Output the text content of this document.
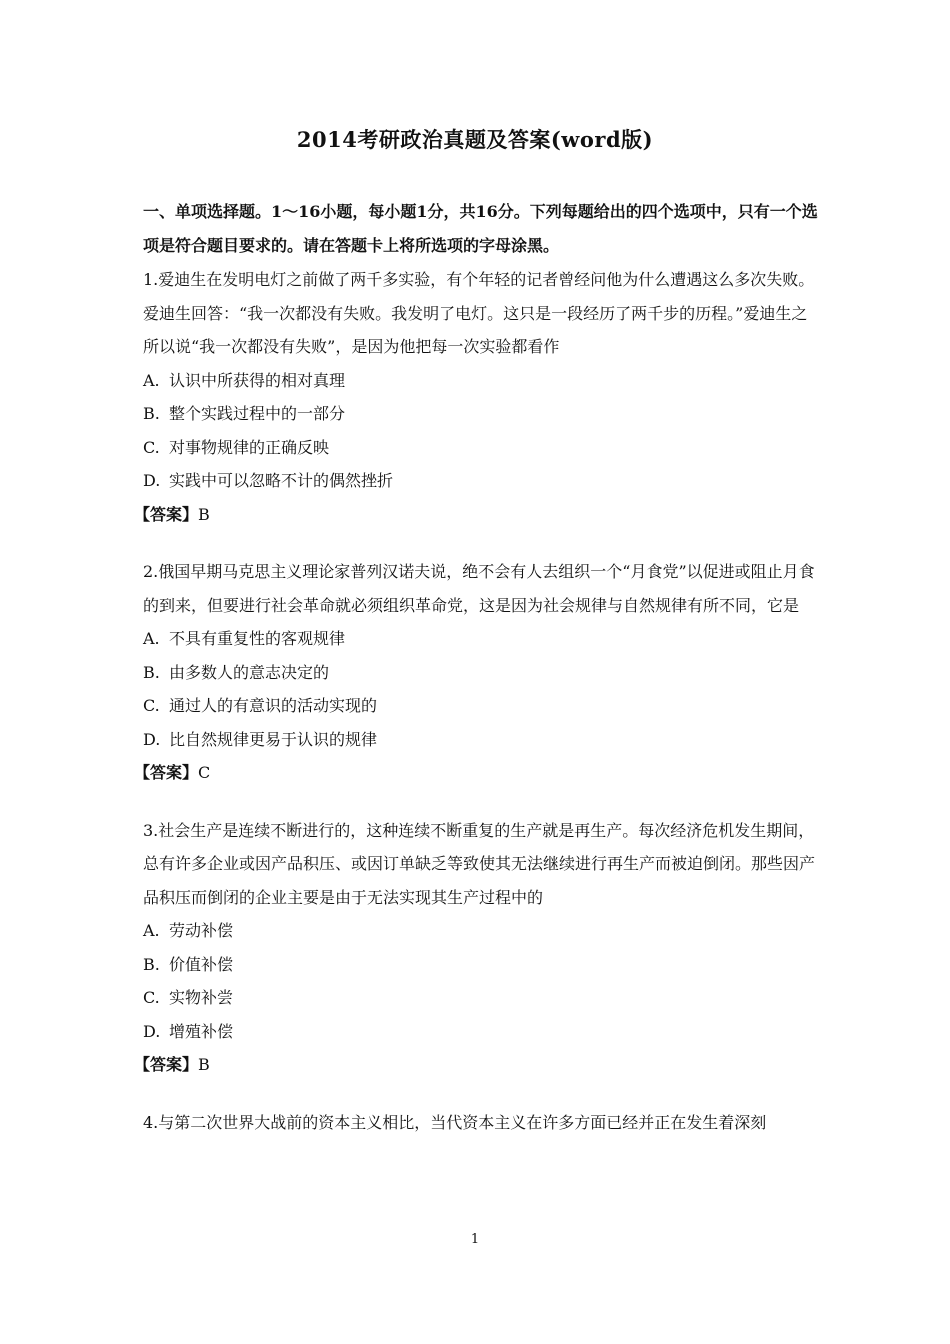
2014考研政治真题及答案(word版)

一、单项选择题。1～16小题，每小题1分，共16分。下列每题给出的四个选项中，只有一个选项是符合题目要求的。请在答题卡上将所选项的字母涂黑。

1.爱迪生在发明电灯之前做了两千多实验，有个年轻的记者曾经问他为什么遭遇这么多次失败。爱迪生回答：“我一次都没有失败。我发明了电灯。这只是一段经历了两千步的历程。”爱迪生之所以说“我一次都没有失败”，是因为他把每一次实验都看作

A. 认识中所获得的相对真理

B. 整个实践过程中的一部分

C. 对事物规律的正确反映

D. 实践中可以忽略不计的偶然挫折

【答案】B

2.俄国早期马克思主义理论家普列汉诺夫说，绝不会有人去组织一个“月食党”以促进或阻止月食的到来，但要进行社会革命就必须组织革命党，这是因为社会规律与自然规律有所不同，它是

A. 不具有重复性的客观规律

B. 由多数人的意志决定的

C. 通过人的有意识的活动实现的

D. 比自然规律更易于认识的规律

【答案】C

3.社会生产是连续不断进行的，这种连续不断重复的生产就是再生产。每次经济危机发生期间，总有许多企业或因产品积压、或因订单缺乏等致使其无法继续进行再生产而被迫倒闭。那些因产品积压而倒闭的企业主要是由于无法实现其生产过程中的

A. 劳动补偿

B. 价值补偿

C. 实物补尝

D. 增殖补偿

【答案】B

4.与第二次世界大战前的资本主义相比，当代资本主义在许多方面已经并正在发生着深刻

1
